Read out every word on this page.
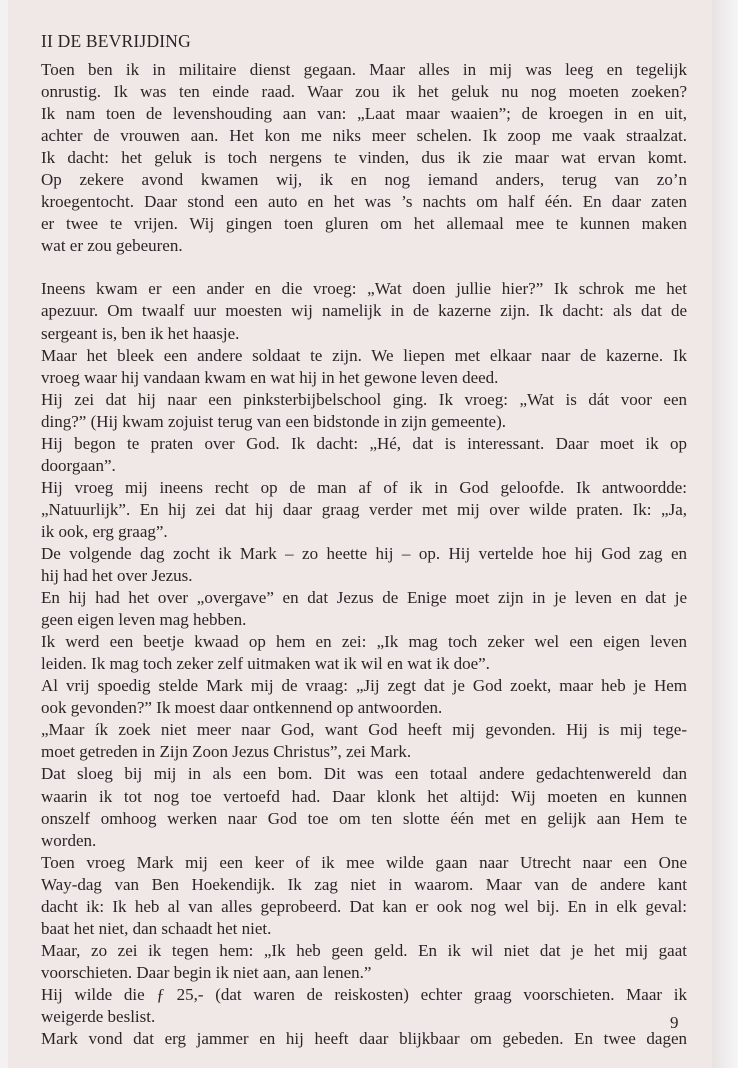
II DE BEVRIJDING
Toen ben ik in militaire dienst gegaan. Maar alles in mij was leeg en tegelijk
onrustig. Ik was ten einde raad. Waar zou ik het geluk nu nog moeten zoeken?
Ik nam toen de levenshouding aan van: „Laat maar waaien”; de kroegen in en uit,
achter de vrouwen aan. Het kon me niks meer schelen. Ik zoop me vaak straalzat.
Ik dacht: het geluk is toch nergens te vinden, dus ik zie maar wat ervan komt.
Op zekere avond kwamen wij, ik en nog iemand anders, terug van zo’n
kroegentocht. Daar stond een auto en het was ’s nachts om half één. En daar zaten
er twee te vrijen. Wij gingen toen gluren om het allemaal mee te kunnen maken
wat er zou gebeuren.
Ineens kwam er een ander en die vroeg: „Wat doen jullie hier?” Ik schrok me het
apezuur. Om twaalf uur moesten wij namelijk in de kazerne zijn. Ik dacht: als dat de
sergeant is, ben ik het haasje.
Maar het bleek een andere soldaat te zijn. We liepen met elkaar naar de kazerne. Ik
vroeg waar hij vandaan kwam en wat hij in het gewone leven deed.
Hij zei dat hij naar een pinksterbijbelschool ging. Ik vroeg: „Wat is dát voor een
ding?” (Hij kwam zojuist terug van een bidstonde in zijn gemeente).
Hij begon te praten over God. Ik dacht: „Hé, dat is interessant. Daar moet ik op
doorgaan”.
Hij vroeg mij ineens recht op de man af of ik in God geloofde. Ik antwoordde:
„Natuurlijk”. En hij zei dat hij daar graag verder met mij over wilde praten. Ik: „Ja,
ik ook, erg graag”.
De volgende dag zocht ik Mark – zo heette hij – op. Hij vertelde hoe hij God zag en
hij had het over Jezus.
En hij had het over „overgave” en dat Jezus de Enige moet zijn in je leven en dat je
geen eigen leven mag hebben.
Ik werd een beetje kwaad op hem en zei: „Ik mag toch zeker wel een eigen leven
leiden. Ik mag toch zeker zelf uitmaken wat ik wil en wat ik doe”.
Al vrij spoedig stelde Mark mij de vraag: „Jij zegt dat je God zoekt, maar heb je Hem
ook gevonden?” Ik moest daar ontkennend op antwoorden.
„Maar ík zoek niet meer naar God, want God heeft mij gevonden. Hij is mij tege-
moet getreden in Zijn Zoon Jezus Christus”, zei Mark.
Dat sloeg bij mij in als een bom. Dit was een totaal andere gedachtenwereld dan
waarin ik tot nog toe vertoefd had. Daar klonk het altijd: Wij moeten en kunnen
onszelf omhoog werken naar God toe om ten slotte één met en gelijk aan Hem te
worden.
Toen vroeg Mark mij een keer of ik mee wilde gaan naar Utrecht naar een One
Way-dag van Ben Hoekendijk. Ik zag niet in waarom. Maar van de andere kant
dacht ik: Ik heb al van alles geprobeerd. Dat kan er ook nog wel bij. En in elk geval:
baat het niet, dan schaadt het niet.
Maar, zo zei ik tegen hem: „Ik heb geen geld. En ik wil niet dat je het mij gaat
voorschieten. Daar begin ik niet aan, aan lenen.”
Hij wilde die ƒ 25,- (dat waren de reiskosten) echter graag voorschieten. Maar ik
weigerde beslist.
Mark vond dat erg jammer en hij heeft daar blijkbaar om gebeden. En twee dagen
9
